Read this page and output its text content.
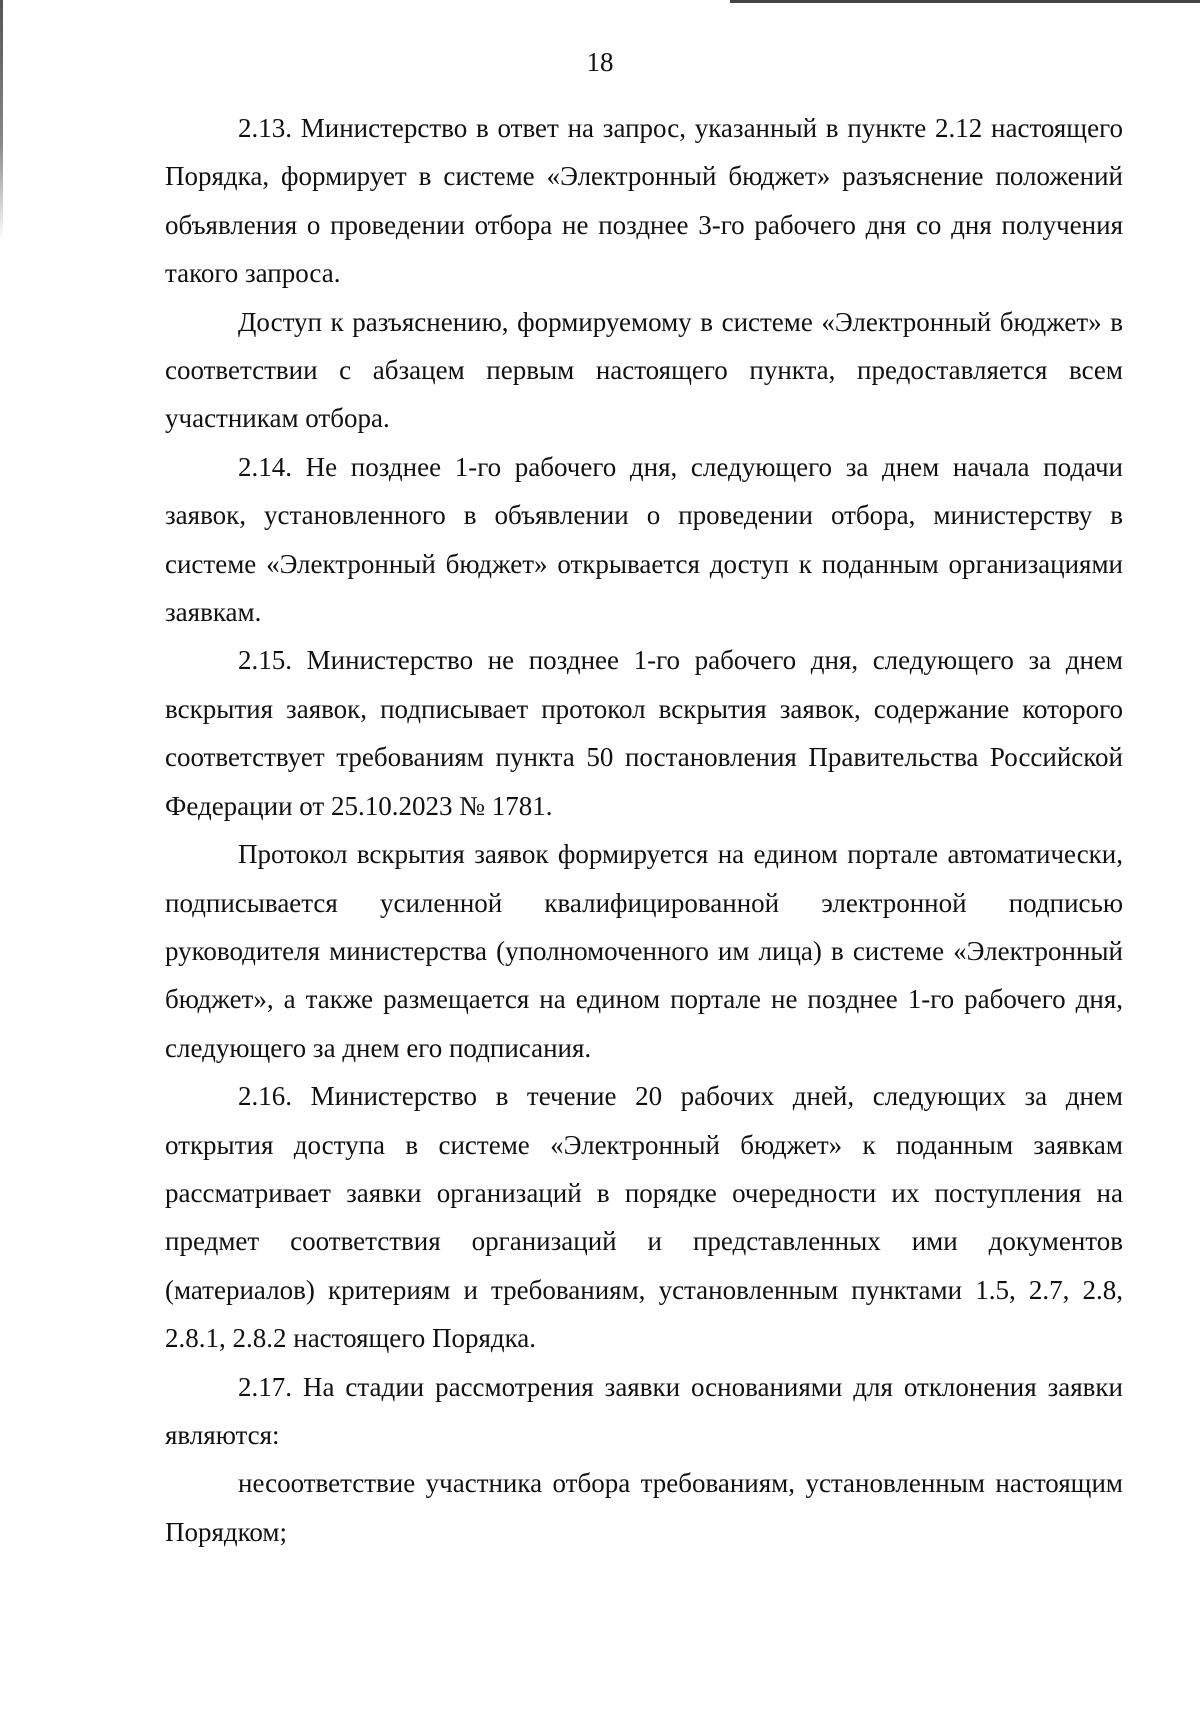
18

2.13. Министерство в ответ на запрос, указанный в пункте 2.12 настоящего Порядка, формирует в системе «Электронный бюджет» разъяснение положений объявления о проведении отбора не позднее 3-го рабочего дня со дня получения такого запроса.

Доступ к разъяснению, формируемому в системе «Электронный бюджет» в соответствии с абзацем первым настоящего пункта, предоставляется всем участникам отбора.

2.14. Не позднее 1-го рабочего дня, следующего за днем начала подачи заявок, установленного в объявлении о проведении отбора, министерству в системе «Электронный бюджет» открывается доступ к поданным организациями заявкам.

2.15. Министерство не позднее 1-го рабочего дня, следующего за днем вскрытия заявок, подписывает протокол вскрытия заявок, содержание которого соответствует требованиям пункта 50 постановления Правительства Российской Федерации от 25.10.2023 № 1781.

Протокол вскрытия заявок формируется на едином портале автоматически, подписывается усиленной квалифицированной электронной подписью руководителя министерства (уполномоченного им лица) в системе «Электронный бюджет», а также размещается на едином портале не позднее 1-го рабочего дня, следующего за днем его подписания.

2.16. Министерство в течение 20 рабочих дней, следующих за днем открытия доступа в системе «Электронный бюджет» к поданным заявкам рассматривает заявки организаций в порядке очередности их поступления на предмет соответствия организаций и представленных ими документов (материалов) критериям и требованиям, установленным пунктами 1.5, 2.7, 2.8, 2.8.1, 2.8.2 настоящего Порядка.

2.17. На стадии рассмотрения заявки основаниями для отклонения заявки являются:

несоответствие участника отбора требованиям, установленным настоящим Порядком;
